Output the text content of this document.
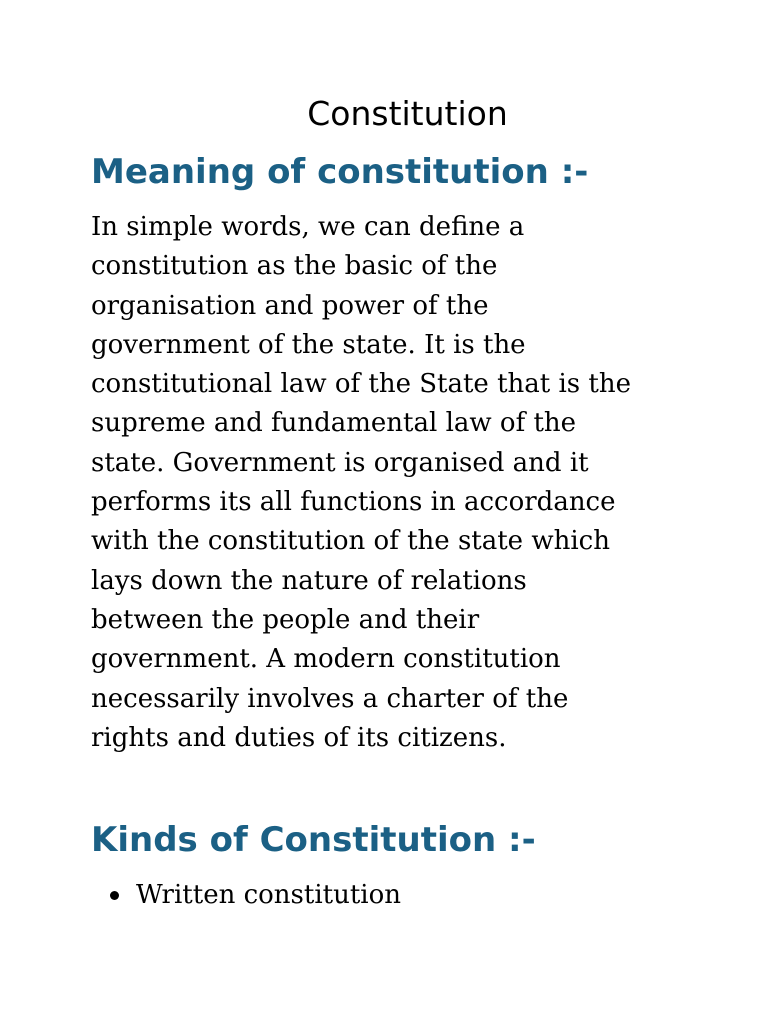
Constitution
Meaning of constitution :-

In simple words, we can define a
constitution as the basic of the
organisation and power of the
government of the state. It is the
constitutional law of the State that is the
supreme and fundamental law of the
state. Government is organised and it
performs its all functions in accordance
with the constitution of the state which
lays down the nature of relations
between the people and their
government. A modern constitution
necessarily involves a charter of the
rights and duties of its citizens.

Kinds of Constitution :-
Written constitution
